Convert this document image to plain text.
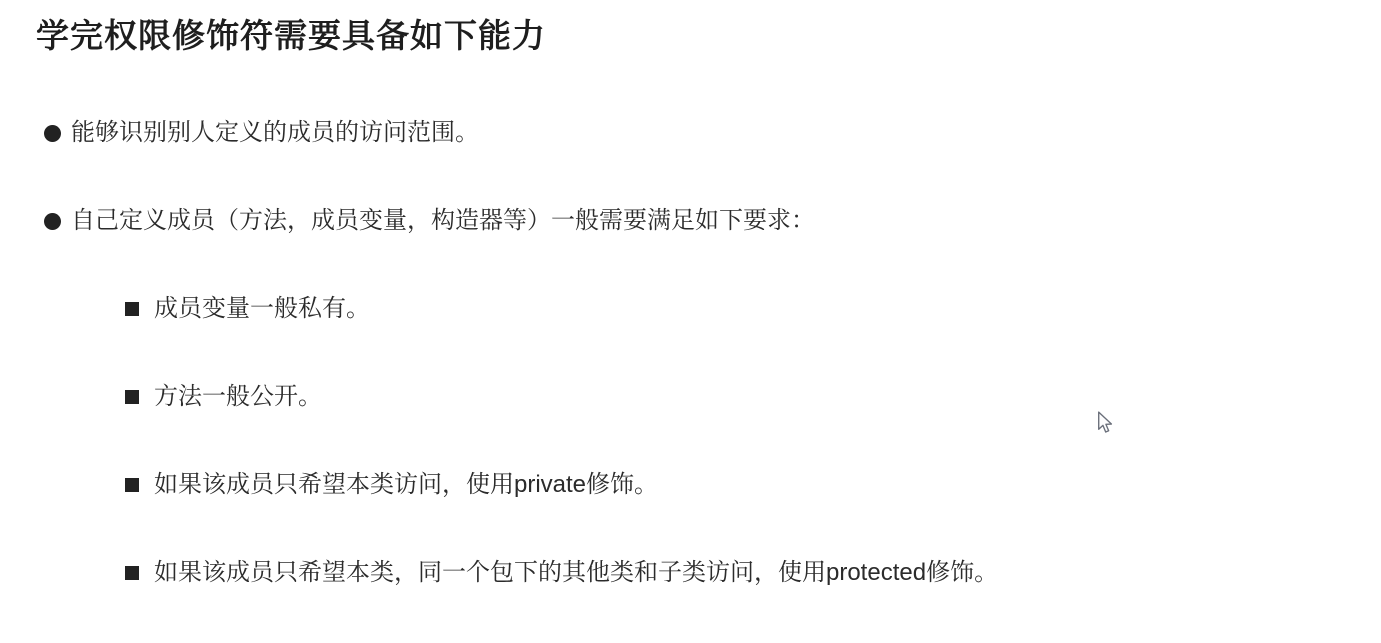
学完权限修饰符需要具备如下能力
能够识别别人定义的成员的访问范围。
自己定义成员（方法，成员变量，构造器等）一般需要满足如下要求：
成员变量一般私有。
方法一般公开。
如果该成员只希望本类访问，使用private修饰。
如果该成员只希望本类，同一个包下的其他类和子类访问，使用protected修饰。
